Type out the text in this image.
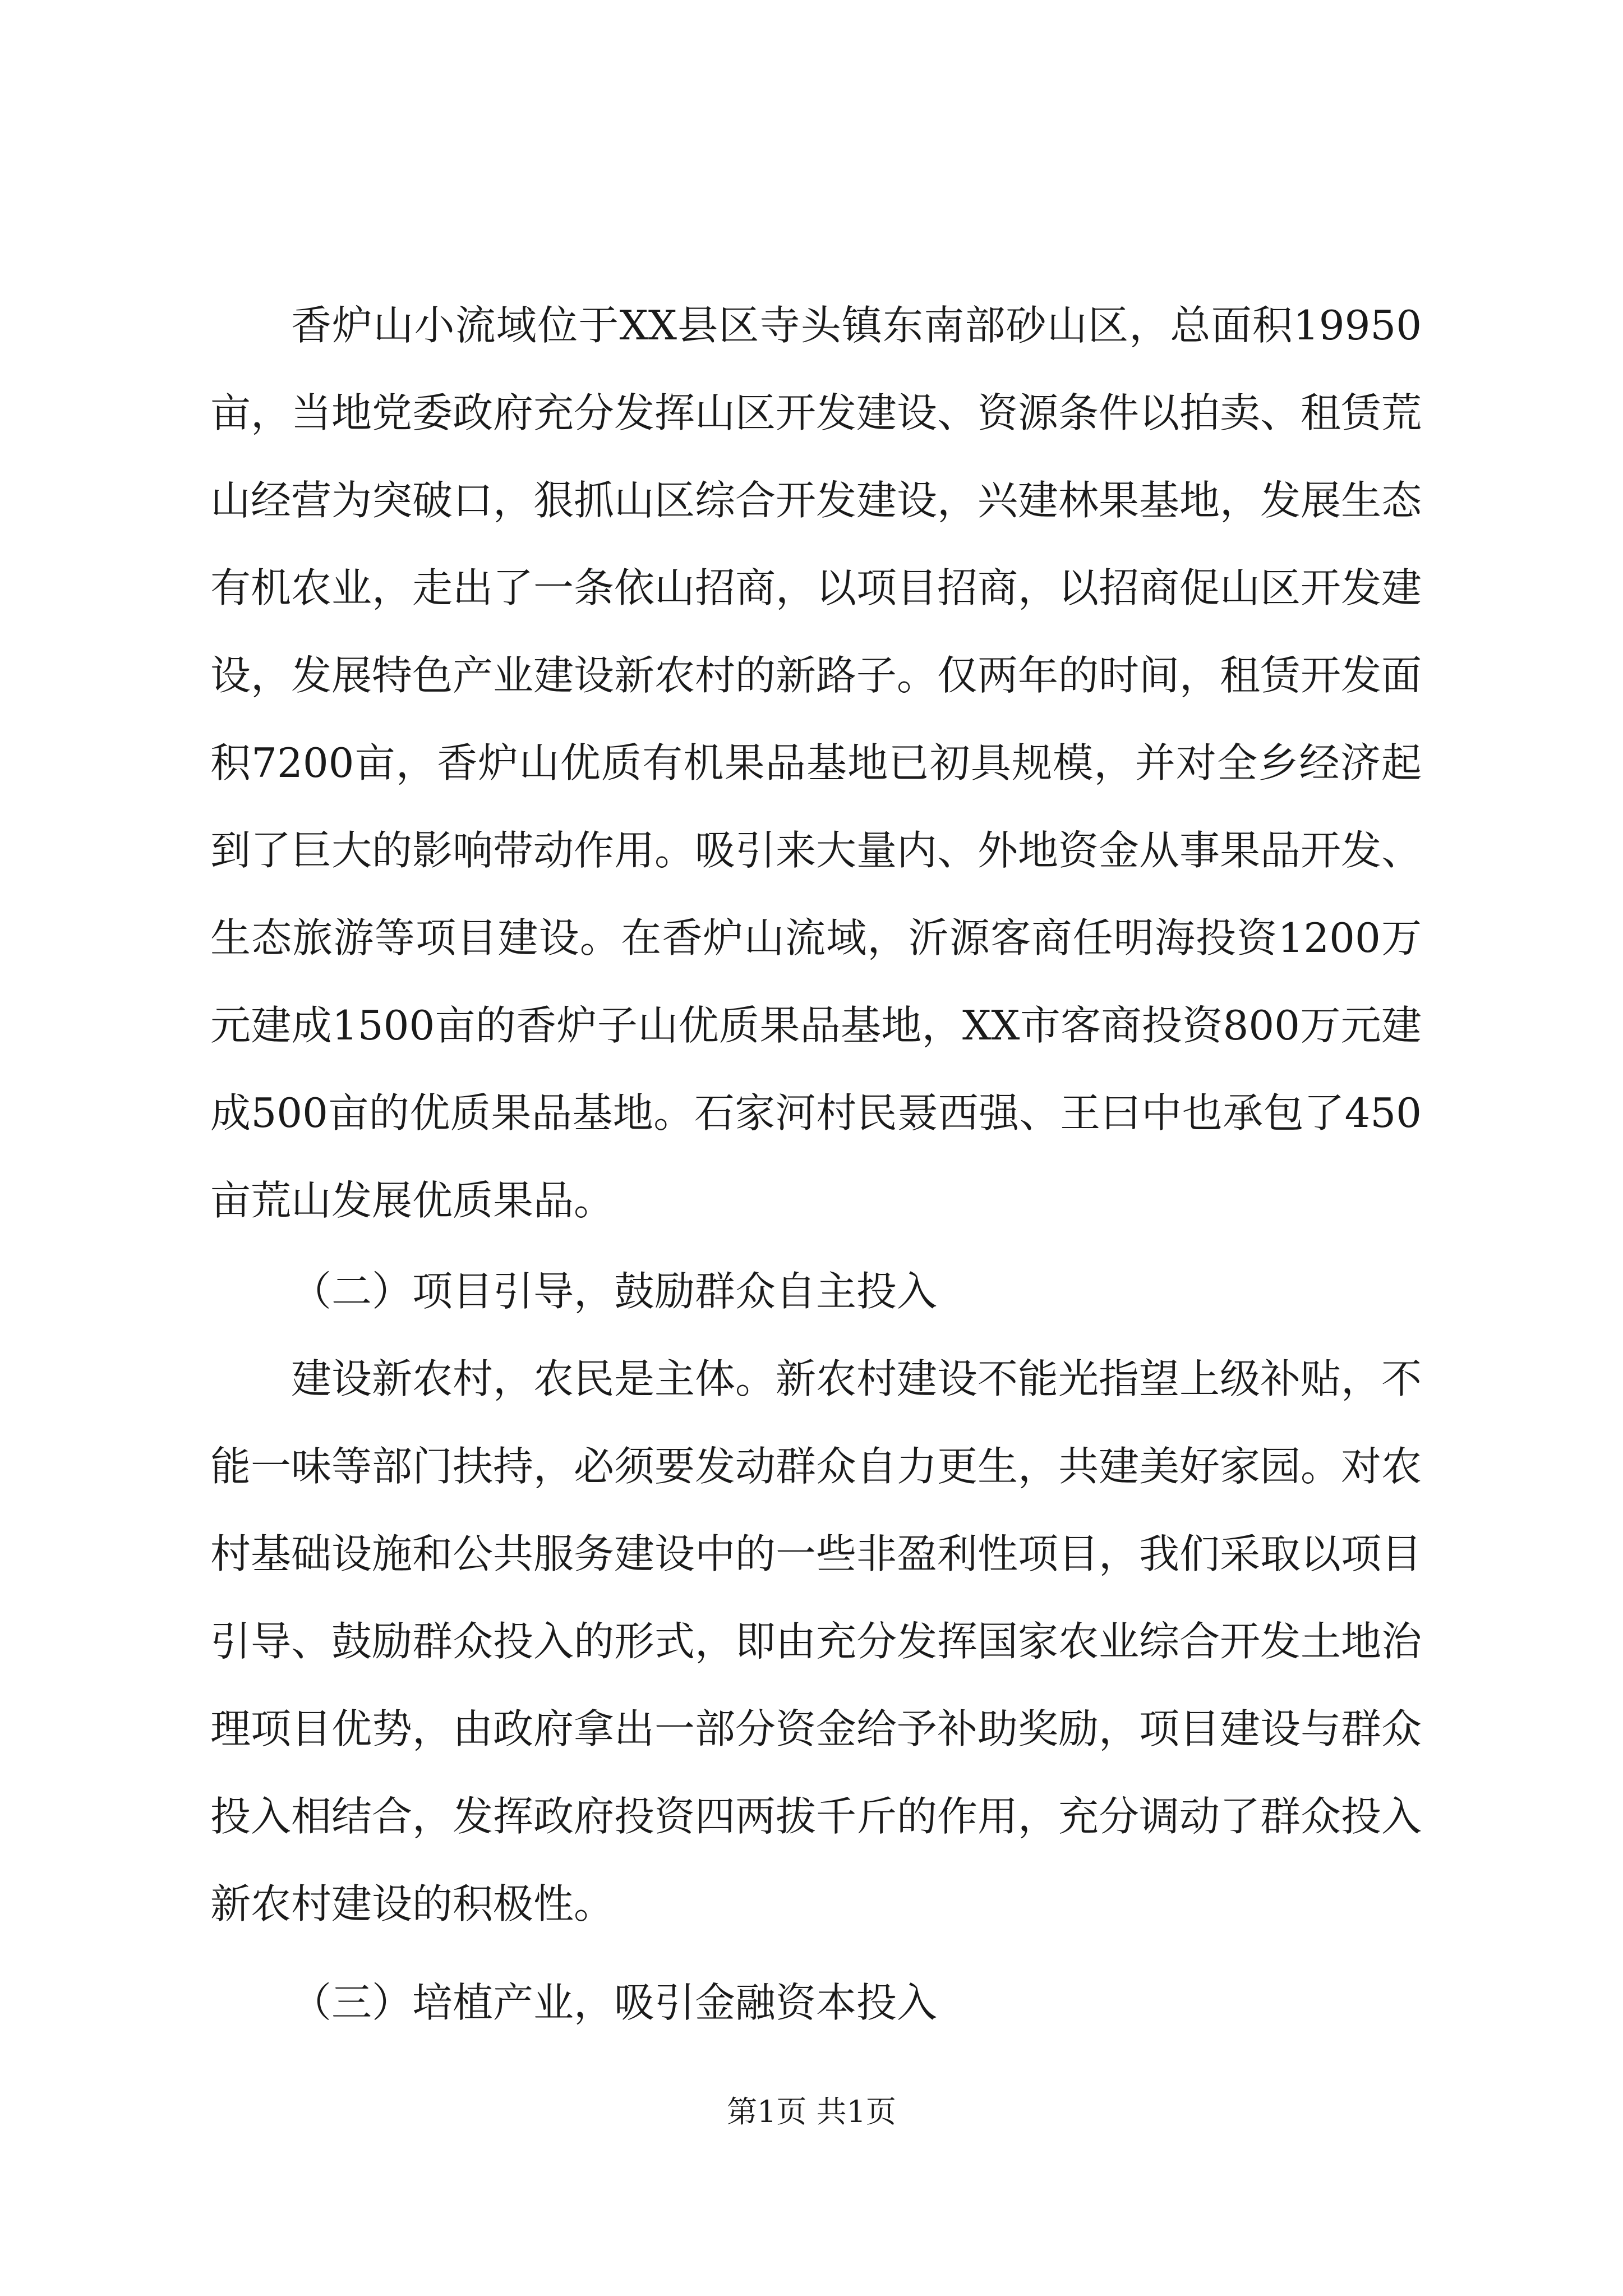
香炉山小流域位于XX县区寺头镇东南部砂山区，总面积19950亩，当地党委政府充分发挥山区开发建设、资源条件以拍卖、租赁荒山经营为突破口，狠抓山区综合开发建设，兴建林果基地，发展生态有机农业，走出了一条依山招商，以项目招商，以招商促山区开发建设，发展特色产业建设新农村的新路子。仅两年的时间，租赁开发面积7200亩，香炉山优质有机果品基地已初具规模，并对全乡经济起到了巨大的影响带动作用。吸引来大量内、外地资金从事果品开发、生态旅游等项目建设。在香炉山流域，沂源客商任明海投资1200万元建成1500亩的香炉子山优质果品基地，XX市客商投资800万元建成500亩的优质果品基地。石家河村民聂西强、王曰中也承包了450亩荒山发展优质果品。

（二）项目引导，鼓励群众自主投入

建设新农村，农民是主体。新农村建设不能光指望上级补贴，不能一味等部门扶持，必须要发动群众自力更生，共建美好家园。对农村基础设施和公共服务建设中的一些非盈利性项目，我们采取以项目引导、鼓励群众投入的形式，即由充分发挥国家农业综合开发土地治理项目优势，由政府拿出一部分资金给予补助奖励，项目建设与群众投入相结合，发挥政府投资四两拔千斤的作用，充分调动了群众投入新农村建设的积极性。

（三）培植产业，吸引金融资本投入

第1页 共1页
